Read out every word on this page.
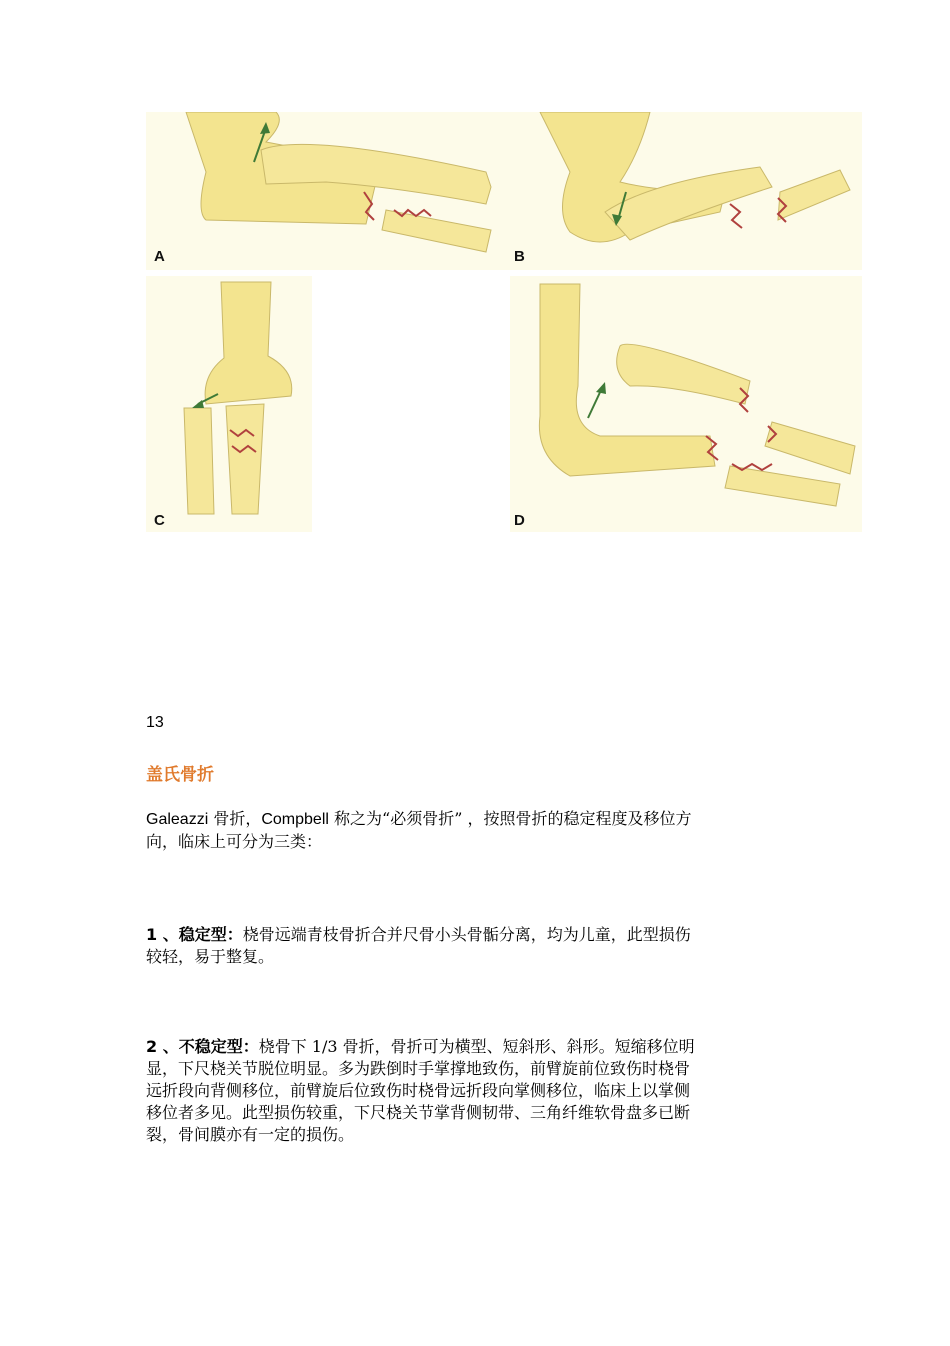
A	B
C	D
13
盖氏骨折
Galeazzi 骨折，Compbell 称之为“必须骨折” ，按照骨折的稳定程度及移位方
向，临床上可分为三类：
1 、稳定型：桡骨远端青枝骨折合并尺骨小头骨骺分离，均为儿童，此型损伤
较轻，易于整复。
2 、不稳定型：桡骨下 1/3 骨折，骨折可为横型、短斜形、斜形。短缩移位明
显，下尺桡关节脱位明显。多为跌倒时手掌撑地致伤，前臂旋前位致伤时桡骨
远折段向背侧移位，前臂旋后位致伤时桡骨远折段向掌侧移位，临床上以掌侧
移位者多见。此型损伤较重，下尺桡关节掌背侧韧带、三角纤维软骨盘多已断
裂，骨间膜亦有一定的损伤。
